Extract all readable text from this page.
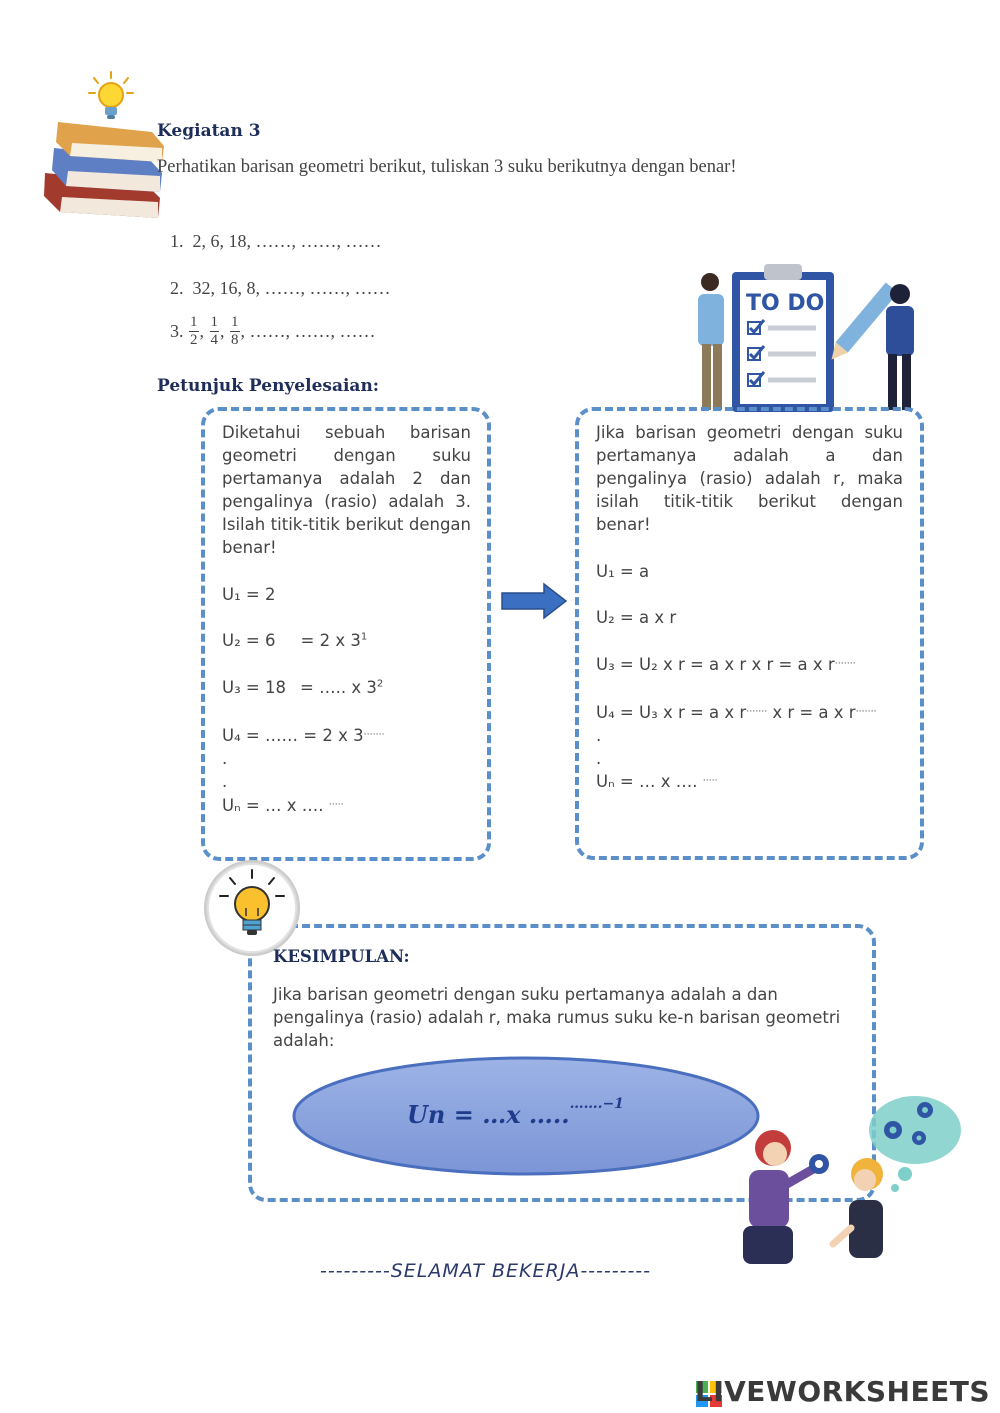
Kegiatan 3
Perhatikan barisan geometri berikut, tuliskan 3 suku berikutnya dengan benar!
1. 2, 6, 18, ……, ……, ……
2. 32, 16, 8, ……, ……, ……
3. $\frac{1}{2}$ , $\frac{1}{4}$ , $\frac{1}{8}$ , ……, ……, ……
TO DO
Petunjuk Penyelesaian:
Diketahui sebuah barisan geometri dengan suku pertamanya adalah 2 dan pengalinya (rasio) adalah 3. Isilah titik-titik berikut dengan benar!
U₁ = 2
U₂ = 6 = 2 x $3^1$
U₃ = 18 = ….. x $3^2$
U₄ = …… = 2 x 3…….
.
.
Uₙ = … x …. …..
Jika barisan geometri dengan suku pertamanya adalah a dan pengalinya (rasio) adalah r, maka isilah titik-titik berikut dengan benar!
U₁ = a
U₂ = a x r
U₃ = U₂ x r = a x r x r = a x r…….
U₄ = U₃ x r = a x r……. x r = a x r…….
.
.
Uₙ = … x …. …..
KESIMPULAN:
Jika barisan geometri dengan suku pertamanya adalah a dan pengalinya (rasio) adalah r, maka rumus suku ke-n barisan geometri adalah:
Un = …x …..$^{\dots\dots.-1}$
---------SELAMAT BEKERJA---------
LIVEWORKSHEETS
